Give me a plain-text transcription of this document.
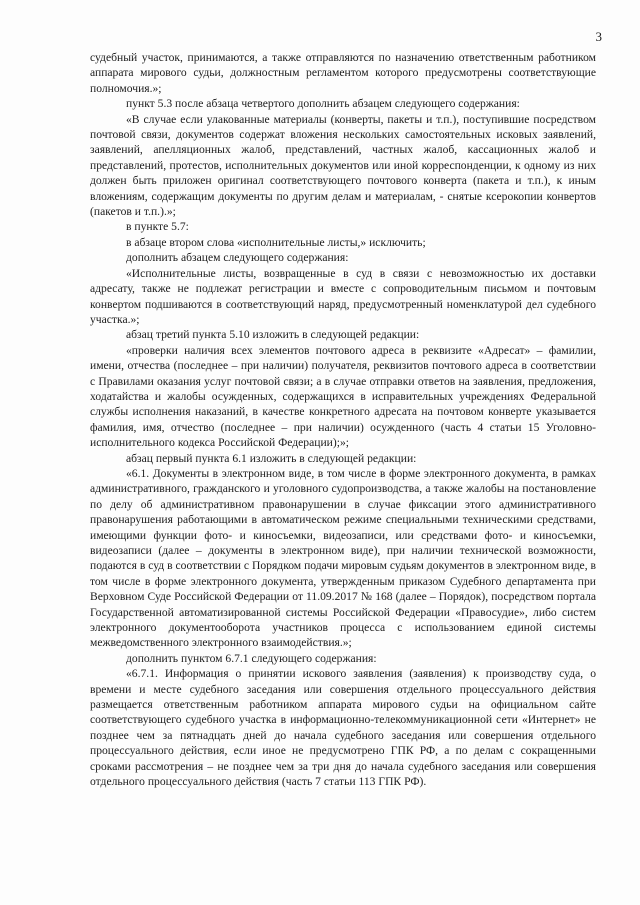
3

судебный участок, принимаются, а также отправляются по назначению ответственным работником аппарата мирового судьи, должностным регламентом которого предусмотрены соответствующие полномочия.»;

пункт 5.3 после абзаца четвертого дополнить абзацем следующего содержания:

«В случае если улакованные материалы (конверты, пакеты и т.п.), поступившие посредством почтовой связи, документов содержат вложения нескольких самостоятельных исковых заявлений, заявлений, апелляционных жалоб, представлений, частных жалоб, кассационных жалоб и представлений, протестов, исполнительных документов или иной корреспонденции, к одному из них должен быть приложен оригинал соответствующего почтового конверта (пакета и т.п.), к иным вложениям, содержащим документы по другим делам и материалам, - снятые ксерокопии конвертов (пакетов и т.п.).»;

в пункте 5.7:

в абзаце втором слова «исполнительные листы,» исключить;

дополнить абзацем следующего содержания:

«Исполнительные листы, возвращенные в суд в связи с невозможностью их доставки адресату, также не подлежат регистрации и вместе с сопроводительным письмом и почтовым конвертом подшиваются в соответствующий наряд, предусмотренный номенклатурой дел судебного участка.»;

абзац третий пункта 5.10 изложить в следующей редакции:

«проверки наличия всех элементов почтового адреса в реквизите «Адресат» – фамилии, имени, отчества (последнее – при наличии) получателя, реквизитов почтового адреса в соответствии с Правилами оказания услуг почтовой связи; а в случае отправки ответов на заявления, предложения, ходатайства и жалобы осужденных, содержащихся в исправительных учреждениях Федеральной службы исполнения наказаний, в качестве конкретного адресата на почтовом конверте указывается фамилия, имя, отчество (последнее – при наличии) осужденного (часть 4 статьи 15 Уголовно-исполнительного кодекса Российской Федерации);»;

абзац первый пункта 6.1 изложить в следующей редакции:

«6.1. Документы в электронном виде, в том числе в форме электронного документа, в рамках административного, гражданского и уголовного судопроизводства, а также жалобы на постановление по делу об административном правонарушении в случае фиксации этого административного правонарушения работающими в автоматическом режиме специальными техническими средствами, имеющими функции фото- и киносъемки, видеозаписи, или средствами фото- и киносъемки, видеозаписи (далее – документы в электронном виде), при наличии технической возможности, подаются в суд в соответствии с Порядком подачи мировым судьям документов в электронном виде, в том числе в форме электронного документа, утвержденным приказом Судебного департамента при Верховном Суде Российской Федерации от 11.09.2017 № 168 (далее – Порядок), посредством портала Государственной автоматизированной системы Российской Федерации «Правосудие», либо систем электронного документооборота участников процесса с использованием единой системы межведомственного электронного взаимодействия.»;

дополнить пунктом 6.7.1 следующего содержания:

«6.7.1. Информация о принятии искового заявления (заявления) к производству суда, о времени и месте судебного заседания или совершения отдельного процессуального действия размещается ответственным работником аппарата мирового судьи на официальном сайте соответствующего судебного участка в информационно-телекоммуникационной сети «Интернет» не позднее чем за пятнадцать дней до начала судебного заседания или совершения отдельного процессуального действия, если иное не предусмотрено ГПК РФ, а по делам с сокращенными сроками рассмотрения – не позднее чем за три дня до начала судебного заседания или совершения отдельного процессуального действия (часть 7 статьи 113 ГПК РФ).
